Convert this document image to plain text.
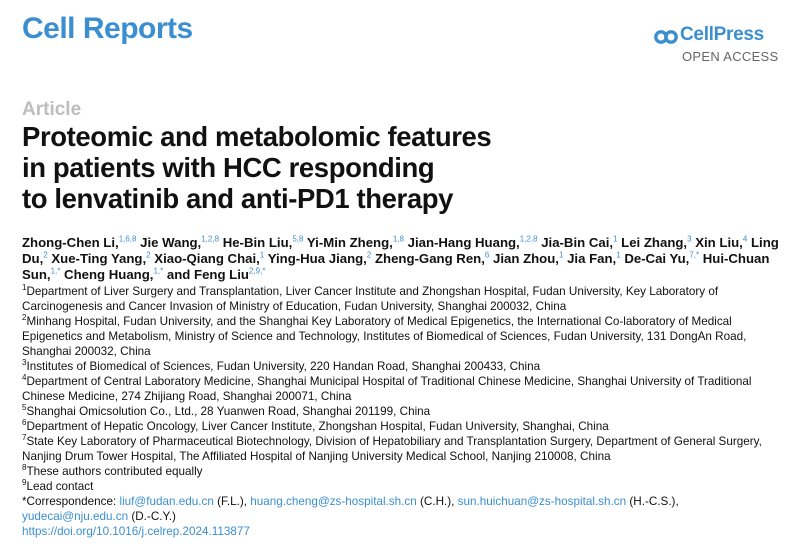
Cell Reports	CellPress
OPEN ACCESS
Article
Proteomic and metabolomic features
in patients with HCC responding
to lenvatinib and anti-PD1 therapy
Zhong-Chen Li,$^{1,6,8}$ Jie Wang,$^{1,2,8}$ He-Bin Liu,$^{5,8}$ Yi-Min Zheng,$^{1,8}$ Jian-Hang Huang,$^{1,2,8}$ Jia-Bin Cai,$^1$ Lei Zhang,$^3$ Xin Liu,$^4$ Ling Du,$^2$ Xue-Ting Yang,$^2$ Xiao-Qiang Chai,$^1$ Ying-Hua Jiang,$^2$ Zheng-Gang Ren,$^6$ Jian Zhou,$^1$ Jia Fan,$^1$ De-Cai Yu,$^{7,*}$ Hui-Chuan Sun,$^{1,*}$ Cheng Huang,$^{1,*}$ and Feng Liu$^{2,9,*}$
$^1$Department of Liver Surgery and Transplantation, Liver Cancer Institute and Zhongshan Hospital, Fudan University, Key Laboratory of Carcinogenesis and Cancer Invasion of Ministry of Education, Fudan University, Shanghai 200032, China
$^2$Minhang Hospital, Fudan University, and the Shanghai Key Laboratory of Medical Epigenetics, the International Co-laboratory of Medical Epigenetics and Metabolism, Ministry of Science and Technology, Institutes of Biomedical of Sciences, Fudan University, 131 DongAn Road, Shanghai 200032, China
$^3$Institutes of Biomedical of Sciences, Fudan University, 220 Handan Road, Shanghai 200433, China
$^4$Department of Central Laboratory Medicine, Shanghai Municipal Hospital of Traditional Chinese Medicine, Shanghai University of Traditional Chinese Medicine, 274 Zhijiang Road, Shanghai 200071, China
$^5$Shanghai Omicsolution Co., Ltd., 28 Yuanwen Road, Shanghai 201199, China
$^6$Department of Hepatic Oncology, Liver Cancer Institute, Zhongshan Hospital, Fudan University, Shanghai, China
$^7$State Key Laboratory of Pharmaceutical Biotechnology, Division of Hepatobiliary and Transplantation Surgery, Department of General Surgery, Nanjing Drum Tower Hospital, The Affiliated Hospital of Nanjing University Medical School, Nanjing 210008, China
$^8$These authors contributed equally
$^9$Lead contact
*Correspondence: liuf@fudan.edu.cn (F.L.), huang.cheng@zs-hospital.sh.cn (C.H.), sun.huichuan@zs-hospital.sh.cn (H.-C.S.), yudecai@nju.edu.cn (D.-C.Y.)
https://doi.org/10.1016/j.celrep.2024.113877
